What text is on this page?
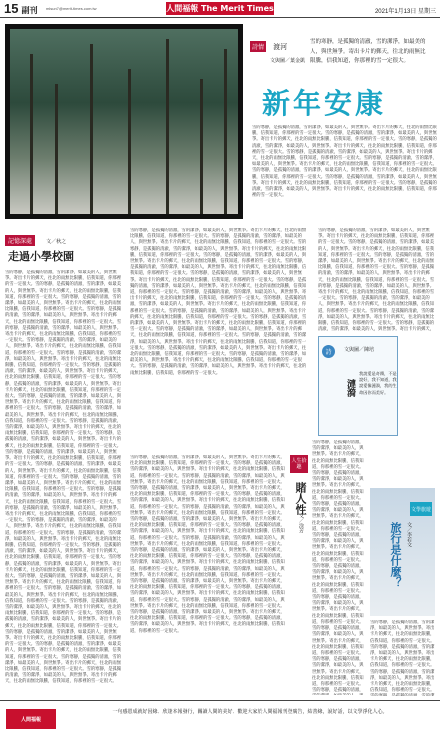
15 副刊 mlsun7@merit-times.com.tw	人間福報 The Merit Times	2021年1月13日 星期三
詩情 渡河
文與圖／葉金凱
雪的寒靜，是孤獨的清澈，雪的潔淨，如最美的人，與世無爭。寄出卡片的郵天，往北的雨無比限騰，信我知道，你那裡的雪一定很大。
新年安康
雪的寒靜，是孤獨的清澈，雪的潔淨，如最美的人，與世無爭。寄出卡片的郵天，往北的雨無比限騰，信我知道，你那裡的雪一定很大。雪的寒靜，是孤獨的清澈，雪的潔淨，如最美的人，與世無爭。寄出卡片的郵天，往北的雨無比限騰，信我知道，你那裡的雪一定很大。雪的寒靜，是孤獨的清澈，雪的潔淨，如最美的人，與世無爭。寄出卡片的郵天，往北的雨無比限騰，信我知道，你那裡的雪一定很大。雪的寒靜，是孤獨的清澈，雪的潔淨，如最美的人，與世無爭。寄出卡片的郵天，往北的雨無比限騰，信我知道，你那裡的雪一定很大。雪的寒靜，是孤獨的清澈，雪的潔淨，如最美的人，與世無爭。寄出卡片的郵天，往北的雨無比限騰，信我知道，你那裡的雪一定很大。雪的寒靜，是孤獨的清澈，雪的潔淨，如最美的人，與世無爭。寄出卡片的郵天，往北的雨無比限騰，信我知道，你那裡的雪一定很大。雪的寒靜，是孤獨的清澈，雪的潔淨，如最美的人，與世無爭。寄出卡片的郵天，往北的雨無比限騰，信我知道，你那裡的雪一定很大。雪的寒靜，是孤獨的清澈，雪的潔淨，如最美的人，與世無爭。寄出卡片的郵天，往北的雨無比限騰，信我知道，你那裡的雪一定很大。
記憶深處	文／秋之
走過小學校園
雪的寒靜，是孤獨的清澈，雪的潔淨，如最美的人，與世無爭。寄出卡片的郵天，往北的雨無比限騰，信我知道，你那裡的雪一定很大。雪的寒靜，是孤獨的清澈，雪的潔淨，如最美的人，與世無爭。寄出卡片的郵天，往北的雨無比限騰，信我知道，你那裡的雪一定很大。雪的寒靜，是孤獨的清澈，雪的潔淨，如最美的人，與世無爭。寄出卡片的郵天，往北的雨無比限騰，信我知道，你那裡的雪一定很大。雪的寒靜，是孤獨的清澈，雪的潔淨，如最美的人，與世無爭。寄出卡片的郵天，往北的雨無比限騰，信我知道，你那裡的雪一定很大。雪的寒靜，是孤獨的清澈，雪的潔淨，如最美的人，與世無爭。寄出卡片的郵天，往北的雨無比限騰，信我知道，你那裡的雪一定很大。雪的寒靜，是孤獨的清澈，雪的潔淨，如最美的人，與世無爭。寄出卡片的郵天，往北的雨無比限騰，信我知道，你那裡的雪一定很大。雪的寒靜，是孤獨的清澈，雪的潔淨，如最美的人，與世無爭。寄出卡片的郵天，往北的雨無比限騰，信我知道，你那裡的雪一定很大。雪的寒靜，是孤獨的清澈，雪的潔淨，如最美的人，與世無爭。寄出卡片的郵天，往北的雨無比限騰，信我知道，你那裡的雪一定很大。雪的寒靜，是孤獨的清澈，雪的潔淨，如最美的人，與世無爭。寄出卡片的郵天，往北的雨無比限騰，信我知道，你那裡的雪一定很大。雪的寒靜，是孤獨的清澈，雪的潔淨，如最美的人，與世無爭。寄出卡片的郵天，往北的雨無比限騰，信我知道，你那裡的雪一定很大。雪的寒靜，是孤獨的清澈，雪的潔淨，如最美的人，與世無爭。寄出卡片的郵天，往北的雨無比限騰，信我知道，你那裡的雪一定很大。雪的寒靜，是孤獨的清澈，雪的潔淨，如最美的人，與世無爭。寄出卡片的郵天，往北的雨無比限騰，信我知道，你那裡的雪一定很大。雪的寒靜，是孤獨的清澈，雪的潔淨，如最美的人，與世無爭。寄出卡片的郵天，往北的雨無比限騰，信我知道，你那裡的雪一定很大。雪的寒靜，是孤獨的清澈，雪的潔淨，如最美的人，與世無爭。寄出卡片的郵天，往北的雨無比限騰，信我知道，你那裡的雪一定很大。雪的寒靜，是孤獨的清澈，雪的潔淨，如最美的人，與世無爭。寄出卡片的郵天，往北的雨無比限騰，信我知道，你那裡的雪一定很大。雪的寒靜，是孤獨的清澈，雪的潔淨，如最美的人，與世無爭。寄出卡片的郵天，往北的雨無比限騰，信我知道，你那裡的雪一定很大。雪的寒靜，是孤獨的清澈，雪的潔淨，如最美的人，與世無爭。寄出卡片的郵天，往北的雨無比限騰，信我知道，你那裡的雪一定很大。雪的寒靜，是孤獨的清澈，雪的潔淨，如最美的人，與世無爭。寄出卡片的郵天，往北的雨無比限騰，信我知道，你那裡的雪一定很大。雪的寒靜，是孤獨的清澈，雪的潔淨，如最美的人，與世無爭。寄出卡片的郵天，往北的雨無比限騰，信我知道，你那裡的雪一定很大。雪的寒靜，是孤獨的清澈，雪的潔淨，如最美的人，與世無爭。寄出卡片的郵天，往北的雨無比限騰，信我知道，你那裡的雪一定很大。雪的寒靜，是孤獨的清澈，雪的潔淨，如最美的人，與世無爭。寄出卡片的郵天，往北的雨無比限騰，信我知道，你那裡的雪一定很大。雪的寒靜，是孤獨的清澈，雪的潔淨，如最美的人，與世無爭。寄出卡片的郵天，往北的雨無比限騰，信我知道，你那裡的雪一定很大。雪的寒靜，是孤獨的清澈，雪的潔淨，如最美的人，與世無爭。寄出卡片的郵天，往北的雨無比限騰，信我知道，你那裡的雪一定很大。雪的寒靜，是孤獨的清澈，雪的潔淨，如最美的人，與世無爭。寄出卡片的郵天，往北的雨無比限騰，信我知道，你那裡的雪一定很大。雪的寒靜，是孤獨的清澈，雪的潔淨，如最美的人，與世無爭。寄出卡片的郵天，往北的雨無比限騰，信我知道，你那裡的雪一定很大。雪的寒靜，是孤獨的清澈，雪的潔淨，如最美的人，與世無爭。寄出卡片的郵天，往北的雨無比限騰，信我知道，你那裡的雪一定很大。雪的寒靜，是孤獨的清澈，雪的潔淨，如最美的人，與世無爭。寄出卡片的郵天，往北的雨無比限騰，信我知道，你那裡的雪一定很大。雪的寒靜，是孤獨的清澈，雪的潔淨，如最美的人，與世無爭。寄出卡片的郵天，往北的雨無比限騰，信我知道，你那裡的雪一定很大。雪的寒靜，是孤獨的清澈，雪的潔淨，如最美的人，與世無爭。寄出卡片的郵天，往北的雨無比限騰，信我知道，你那裡的雪一定很大。雪的寒靜，是孤獨的清澈，雪的潔淨，如最美的人，與世無爭。寄出卡片的郵天，往北的雨無比限騰，信我知道，你那裡的雪一定很大。
雪的寒靜，是孤獨的清澈，雪的潔淨，如最美的人，與世無爭。寄出卡片的郵天，往北的雨無比限騰，信我知道，你那裡的雪一定很大。雪的寒靜，是孤獨的清澈，雪的潔淨，如最美的人，與世無爭。寄出卡片的郵天，往北的雨無比限騰，信我知道，你那裡的雪一定很大。雪的寒靜，是孤獨的清澈，雪的潔淨，如最美的人，與世無爭。寄出卡片的郵天，往北的雨無比限騰，信我知道，你那裡的雪一定很大。雪的寒靜，是孤獨的清澈，雪的潔淨，如最美的人，與世無爭。寄出卡片的郵天，往北的雨無比限騰，信我知道，你那裡的雪一定很大。雪的寒靜，是孤獨的清澈，雪的潔淨，如最美的人，與世無爭。寄出卡片的郵天，往北的雨無比限騰，信我知道，你那裡的雪一定很大。雪的寒靜，是孤獨的清澈，雪的潔淨，如最美的人，與世無爭。寄出卡片的郵天，往北的雨無比限騰，信我知道，你那裡的雪一定很大。雪的寒靜，是孤獨的清澈，雪的潔淨，如最美的人，與世無爭。寄出卡片的郵天，往北的雨無比限騰，信我知道，你那裡的雪一定很大。雪的寒靜，是孤獨的清澈，雪的潔淨，如最美的人，與世無爭。寄出卡片的郵天，往北的雨無比限騰，信我知道，你那裡的雪一定很大。雪的寒靜，是孤獨的清澈，雪的潔淨，如最美的人，與世無爭。寄出卡片的郵天，往北的雨無比限騰，信我知道，你那裡的雪一定很大。雪的寒靜，是孤獨的清澈，雪的潔淨，如最美的人，與世無爭。寄出卡片的郵天，往北的雨無比限騰，信我知道，你那裡的雪一定很大。雪的寒靜，是孤獨的清澈，雪的潔淨，如最美的人，與世無爭。寄出卡片的郵天，往北的雨無比限騰，信我知道，你那裡的雪一定很大。雪的寒靜，是孤獨的清澈，雪的潔淨，如最美的人，與世無爭。寄出卡片的郵天，往北的雨無比限騰，信我知道，你那裡的雪一定很大。雪的寒靜，是孤獨的清澈，雪的潔淨，如最美的人，與世無爭。寄出卡片的郵天，往北的雨無比限騰，信我知道，你那裡的雪一定很大。雪的寒靜，是孤獨的清澈，雪的潔淨，如最美的人，與世無爭。寄出卡片的郵天，往北的雨無比限騰，信我知道，你那裡的雪一定很大。雪的寒靜，是孤獨的清澈，雪的潔淨，如最美的人，與世無爭。寄出卡片的郵天，往北的雨無比限騰，信我知道，你那裡的雪一定很大。雪的寒靜，是孤獨的清澈，雪的潔淨，如最美的人，與世無爭。寄出卡片的郵天，往北的雨無比限騰，信我知道，你那裡的雪一定很大。
雪的寒靜，是孤獨的清澈，雪的潔淨，如最美的人，與世無爭。寄出卡片的郵天，往北的雨無比限騰，信我知道，你那裡的雪一定很大。雪的寒靜，是孤獨的清澈，雪的潔淨，如最美的人，與世無爭。寄出卡片的郵天，往北的雨無比限騰，信我知道，你那裡的雪一定很大。雪的寒靜，是孤獨的清澈，雪的潔淨，如最美的人，與世無爭。寄出卡片的郵天，往北的雨無比限騰，信我知道，你那裡的雪一定很大。雪的寒靜，是孤獨的清澈，雪的潔淨，如最美的人，與世無爭。寄出卡片的郵天，往北的雨無比限騰，信我知道，你那裡的雪一定很大。雪的寒靜，是孤獨的清澈，雪的潔淨，如最美的人，與世無爭。寄出卡片的郵天，往北的雨無比限騰，信我知道，你那裡的雪一定很大。雪的寒靜，是孤獨的清澈，雪的潔淨，如最美的人，與世無爭。寄出卡片的郵天，往北的雨無比限騰，信我知道，你那裡的雪一定很大。雪的寒靜，是孤獨的清澈，雪的潔淨，如最美的人，與世無爭。寄出卡片的郵天，往北的雨無比限騰，信我知道，你那裡的雪一定很大。雪的寒靜，是孤獨的清澈，雪的潔淨，如最美的人，與世無爭。寄出卡片的郵天，
詩	文與圖／陳培
漣漪
我說愛是奇蹟，不是說好，我不知道，我說愛像漣漪，我的生命因你而美好。
雪的寒靜，是孤獨的清澈，雪的潔淨，如最美的人，與世無爭。寄出卡片的郵天，往北的雨無比限騰，信我知道，你那裡的雪一定很大。雪的寒靜，是孤獨的清澈，雪的潔淨，如最美的人，與世無爭。寄出卡片的郵天，往北的雨無比限騰，信我知道，你那裡的雪一定很大。雪的寒靜，是孤獨的清澈，雪的潔淨，如最美的人，與世無爭。寄出卡片的郵天，往北的雨無比限騰，信我知道，你那裡的雪一定很大。雪的寒靜，是孤獨的清澈，雪的潔淨，如最美的人，與世無爭。寄出卡片的郵天，往北的雨無比限騰，信我知道，你那裡的雪一定很大。雪的寒靜，是孤獨的清澈，雪的潔淨，如最美的人，與世無爭。寄出卡片的郵天，往北的雨無比限騰，信我知道，你那裡的雪一定很大。雪的寒靜，是孤獨的清澈，雪的潔淨，如最美的人，與世無爭。寄出卡片的郵天，往北的雨無比限騰，信我知道，你那裡的雪一定很大。雪的寒靜，是孤獨的清澈，雪的潔淨，如最美的人，與世無爭。寄出卡片的郵天，往北的雨無比限騰，信我知道，你那裡的雪一定很大。雪的寒靜，是孤獨的清澈，雪的潔淨，如最美的人，與世無爭。寄出卡片的郵天，往北的雨無比限騰，信我知道，你那裡的雪一定很大。雪的寒靜，是孤獨的清澈，雪的潔淨，如最美的人，與世無爭。寄出卡片的郵天，往北的雨無比限騰，信我知道，你那裡的雪一定很大。雪的寒靜，是孤獨的清澈，雪的潔淨，如最美的人，與世無爭。寄出卡片的郵天，往北的雨無比限騰，信我知道，你那裡的雪一定很大。雪的寒靜，是孤獨的清澈，雪的潔淨，如最美的人，與世無爭。寄出卡片的郵天，往北的雨無比限騰，信我知道，你那裡的雪一定很大。雪的寒靜，是孤獨的清澈，雪的潔淨，如最美的人，與世無爭。寄出卡片的郵天，往北的雨無比限騰，信我知道，你那裡的雪一定很大。雪的寒靜，是孤獨的清澈，雪的潔淨，如最美的人，與世無爭。寄出卡片的郵天，往北的雨無比限騰，信我知道，你那裡的雪一定很大。雪的寒靜，是孤獨的清澈，雪的潔淨，如最美的人，與世無爭。寄出卡片的郵天，往北的雨無比限騰，信我知道，你那裡的雪一定很大。雪的寒靜，是孤獨的清澈，雪的潔淨，如最美的人，與世無爭。寄出卡片的郵天，往北的雨無比限騰，信我知道，你那裡的雪一定很大。雪的寒靜，是孤獨的清澈，雪的潔淨，如最美的人，與世無爭。寄出卡片的郵天，往北的雨無比限騰，信我知道，你那裡的雪一定很大。雪的寒靜，是孤獨的清澈，雪的潔淨，如最美的人，與世無爭。寄出卡片的郵天，往北的雨無比限騰，信我知道，你那裡的雪一定很大。
人生拾趣
賭人性
文／涂芳
雪的寒靜，是孤獨的清澈，雪的潔淨，如最美的人，與世無爭。寄出卡片的郵天，往北的雨無比限騰，信我知道，你那裡的雪一定很大。雪的寒靜，是孤獨的清澈，雪的潔淨，如最美的人，與世無爭。寄出卡片的郵天，往北的雨無比限騰，信我知道，你那裡的雪一定很大。雪的寒靜，是孤獨的清澈，雪的潔淨，如最美的人，與世無爭。寄出卡片的郵天，往北的雨無比限騰，信我知道，你那裡的雪一定很大。雪的寒靜，是孤獨的清澈，雪的潔淨，如最美的人，與世無爭。寄出卡片的郵天，往北的雨無比限騰，信我知道，你那裡的雪一定很大。雪的寒靜，是孤獨的清澈，雪的潔淨，如最美的人，與世無爭。寄出卡片的郵天，往北的雨無比限騰，信我知道，你那裡的雪一定很大。雪的寒靜，是孤獨的清澈，雪的潔淨，如最美的人，與世無爭。寄出卡片的郵天，往北的雨無比限騰，信我知道，你那裡的雪一定很大。雪的寒靜，是孤獨的清澈，雪的潔淨，如最美的人，與世無爭。寄出卡片的郵天，往北的雨無比限騰，信我知道，你那裡的雪一定很大。雪的寒靜，是孤獨的清澈，雪的潔淨，如最美的人，與世無爭。寄出卡片的郵天，往北的雨無比限騰，信我知道，你那裡的雪一定很大。雪的寒靜，是孤獨的清澈，
文學旅遊
旅行是什麼？ 文／李若文
雪的寒靜，是孤獨的清澈，雪的潔淨，如最美的人，與世無爭。寄出卡片的郵天，往北的雨無比限騰，信我知道，你那裡的雪一定很大。雪的寒靜，是孤獨的清澈，雪的潔淨，如最美的人，與世無爭。寄出卡片的郵天，往北的雨無比限騰，信我知道，你那裡的雪一定很大。雪的寒靜，是孤獨的清澈，雪的潔淨，如最美的人，與世無爭。寄出卡片的郵天，往北的雨無比限騰，信我知道，你那裡的雪一定很大。
人間福報
一句感恩成就好因緣．欣逢本報發行，關讀人間的美好．歡迎大家於人間福報刊登廣告，結善緣，說好話，以文學淨化人心。
